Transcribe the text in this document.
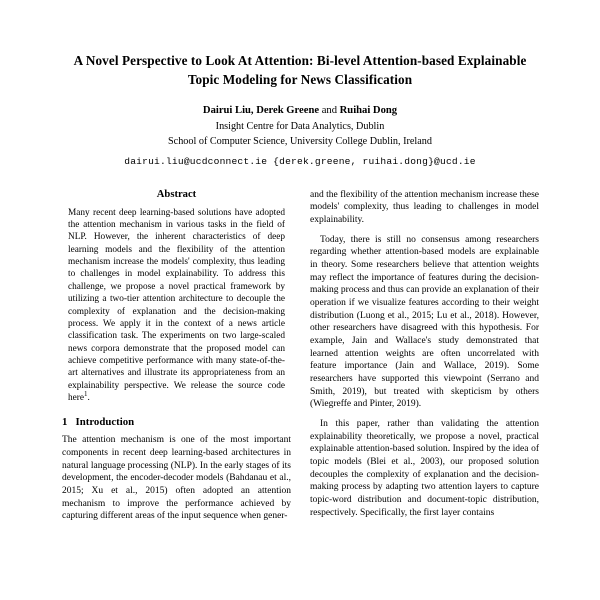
A Novel Perspective to Look At Attention: Bi-level Attention-based Explainable Topic Modeling for News Classification
Dairui Liu, Derek Greene and Ruihai Dong
Insight Centre for Data Analytics, Dublin
School of Computer Science, University College Dublin, Ireland
dairui.liu@ucdconnect.ie {derek.greene, ruihai.dong}@ucd.ie
Abstract

Many recent deep learning-based solutions have adopted the attention mechanism in various tasks in the field of NLP. However, the inherent characteristics of deep learning models and the flexibility of the attention mechanism increase the models' complexity, thus leading to challenges in model explainability. To address this challenge, we propose a novel practical framework by utilizing a two-tier attention architecture to decouple the complexity of explanation and the decision-making process. We apply it in the context of a news article classification task. The experiments on two large-scaled news corpora demonstrate that the proposed model can achieve competitive performance with many state-of-the-art alternatives and illustrate its appropriateness from an explainability perspective. We release the source code here$^1$.

1 Introduction

The attention mechanism is one of the most important components in recent deep learning-based architectures in natural language processing (NLP). In the early stages of its development, the encoder-decoder models (Bahdanau et al., 2015; Xu et al., 2015) often adopted an attention mechanism to improve the performance achieved by capturing different areas of the input sequence when gener-

and the flexibility of the attention mechanism increase these models' complexity, thus leading to challenges in model explainability.

Today, there is still no consensus among researchers regarding whether attention-based models are explainable in theory. Some researchers believe that attention weights may reflect the importance of features during the decision-making process and thus can provide an explanation of their operation if we visualize features according to their weight distribution (Luong et al., 2015; Lu et al., 2018). However, other researchers have disagreed with this hypothesis. For example, Jain and Wallace's study demonstrated that learned attention weights are often uncorrelated with feature importance (Jain and Wallace, 2019). Some researchers have supported this viewpoint (Serrano and Smith, 2019), but treated with skepticism by others (Wiegreffe and Pinter, 2019).

In this paper, rather than validating the attention explainability theoretically, we propose a novel, practical explainable attention-based solution. Inspired by the idea of topic models (Blei et al., 2003), our proposed solution decouples the complexity of explanation and the decision-making process by adapting two attention layers to capture topic-word distribution and document-topic distribution, respectively. Specifically, the first layer contains
